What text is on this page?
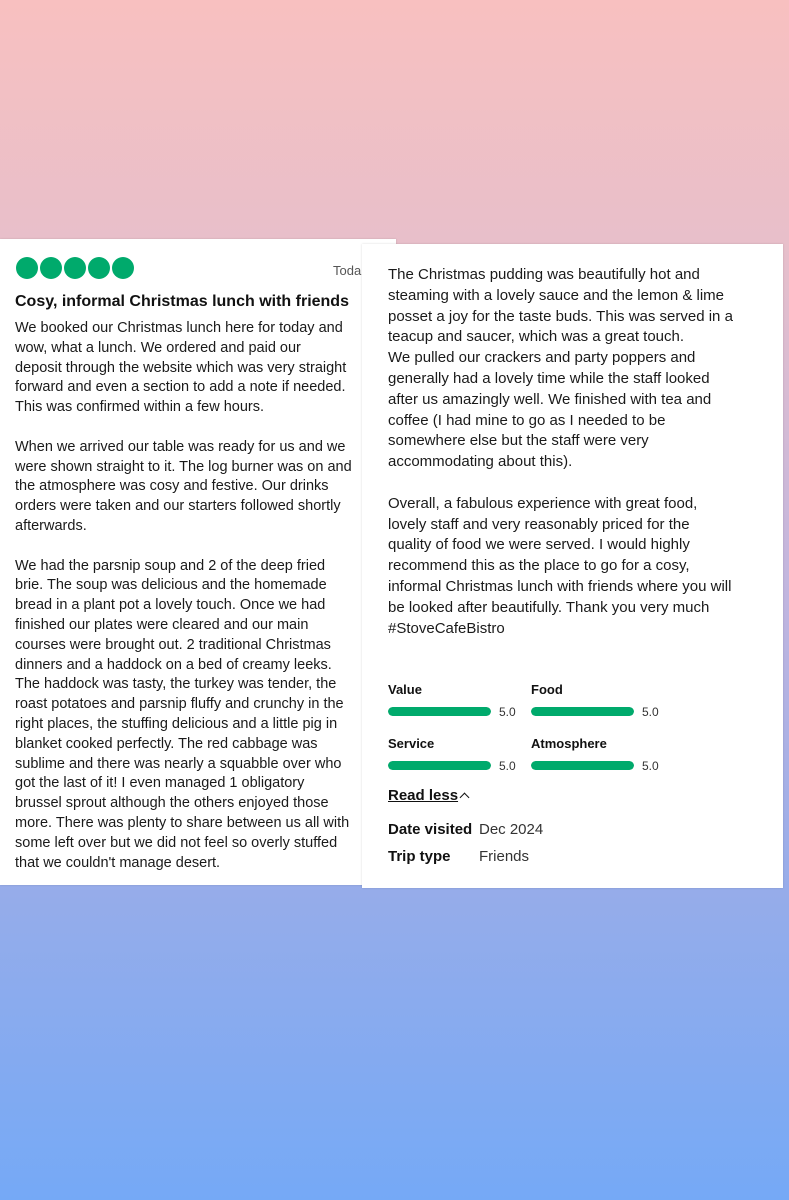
Toda
Cosy, informal Christmas lunch with friends
We booked our Christmas lunch here for today and
wow, what a lunch. We ordered and paid our
deposit through the website which was very straight
forward and even a section to add a note if needed.
This was confirmed within a few hours.
When we arrived our table was ready for us and we
were shown straight to it. The log burner was on and
the atmosphere was cosy and festive. Our drinks
orders were taken and our starters followed shortly
afterwards.
We had the parsnip soup and 2 of the deep fried
brie. The soup was delicious and the homemade
bread in a plant pot a lovely touch. Once we had
finished our plates were cleared and our main
courses were brought out. 2 traditional Christmas
dinners and a haddock on a bed of creamy leeks.
The haddock was tasty, the turkey was tender, the
roast potatoes and parsnip fluffy and crunchy in the
right places, the stuffing delicious and a little pig in
blanket cooked perfectly. The red cabbage was
sublime and there was nearly a squabble over who
got the last of it! I even managed 1 obligatory
brussel sprout although the others enjoyed those
more. There was plenty to share between us all with
some left over but we did not feel so overly stuffed
that we couldn't manage desert.
The Christmas pudding was beautifully hot and
steaming with a lovely sauce and the lemon & lime
posset a joy for the taste buds. This was served in a
teacup and saucer, which was a great touch.
We pulled our crackers and party poppers and
generally had a lovely time while the staff looked
after us amazingly well. We finished with tea and
coffee (I had mine to go as I needed to be
somewhere else but the staff were very
accommodating about this).
Overall, a fabulous experience with great food,
lovely staff and very reasonably priced for the
quality of food we were served. I would highly
recommend this as the place to go for a cosy,
informal Christmas lunch with friends where you will
be looked after beautifully. Thank you very much
#StoveCafeBistro
Value
5.0
Food
5.0
Service
5.0
Atmosphere
5.0
Read less
Date visited Dec 2024
Trip type Friends
